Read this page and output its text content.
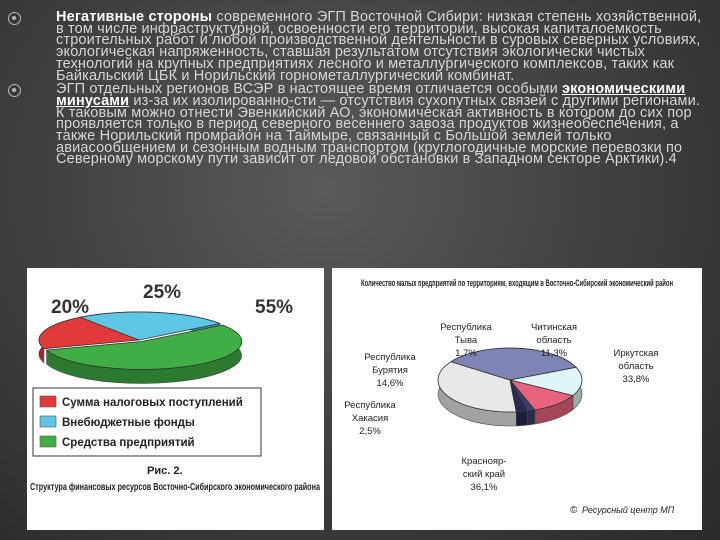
Негативные стороны современного ЭГП Восточной Сибири: низкая степень хозяйственной, в том числе инфраструктурной, освоенности его территории, высокая капиталоемкость строительных работ и любой производственной деятельности в суровых северных условиях, экологическая напряженность, ставшая результатом отсутствия экологически чистых технологий на крупных предприятиях лесного и металлургического комплексов, таких как Байкальский ЦБК и Норильский горнометаллургический комбинат.
ЭГП отдельных регионов ВСЭР в настоящее время отличается особыми экономическими минусами из-за их изолированно-сти — отсутствия сухопутных связей с другими регионами. К таковым можно отнести Эвенкийский АО, экономическая активность в котором до сих пор проявляется только в период северного весеннего завоза продуктов жизнеобеспечения, а также Норильский промрайон на Таймыре, связанный с Большой землей только авиасообщением и сезонным водным транспортом (круглогодичные морские перевозки по Северному морскому пути зависит от ледовой обстановки в Западном секторе Арктики).4
20%
25%
55%
Сумма налоговых поступлений
Внебюджетные фонды
Средства предприятий
Рис. 2.
Структура финансовых ресурсов Восточно-Сибирского экономического района
Количество малых предприятий по территориям, входящим в Восточно-Сибирский экономический район
Краснояр-ский край 36,1%
Иркутская область 33,8%
Республика Бурятия 14,6%
Читинская область 11,3%
Республика Тыва 1,7%
Республика Хакасия 2,5%
Ресурсный центр МП
©
